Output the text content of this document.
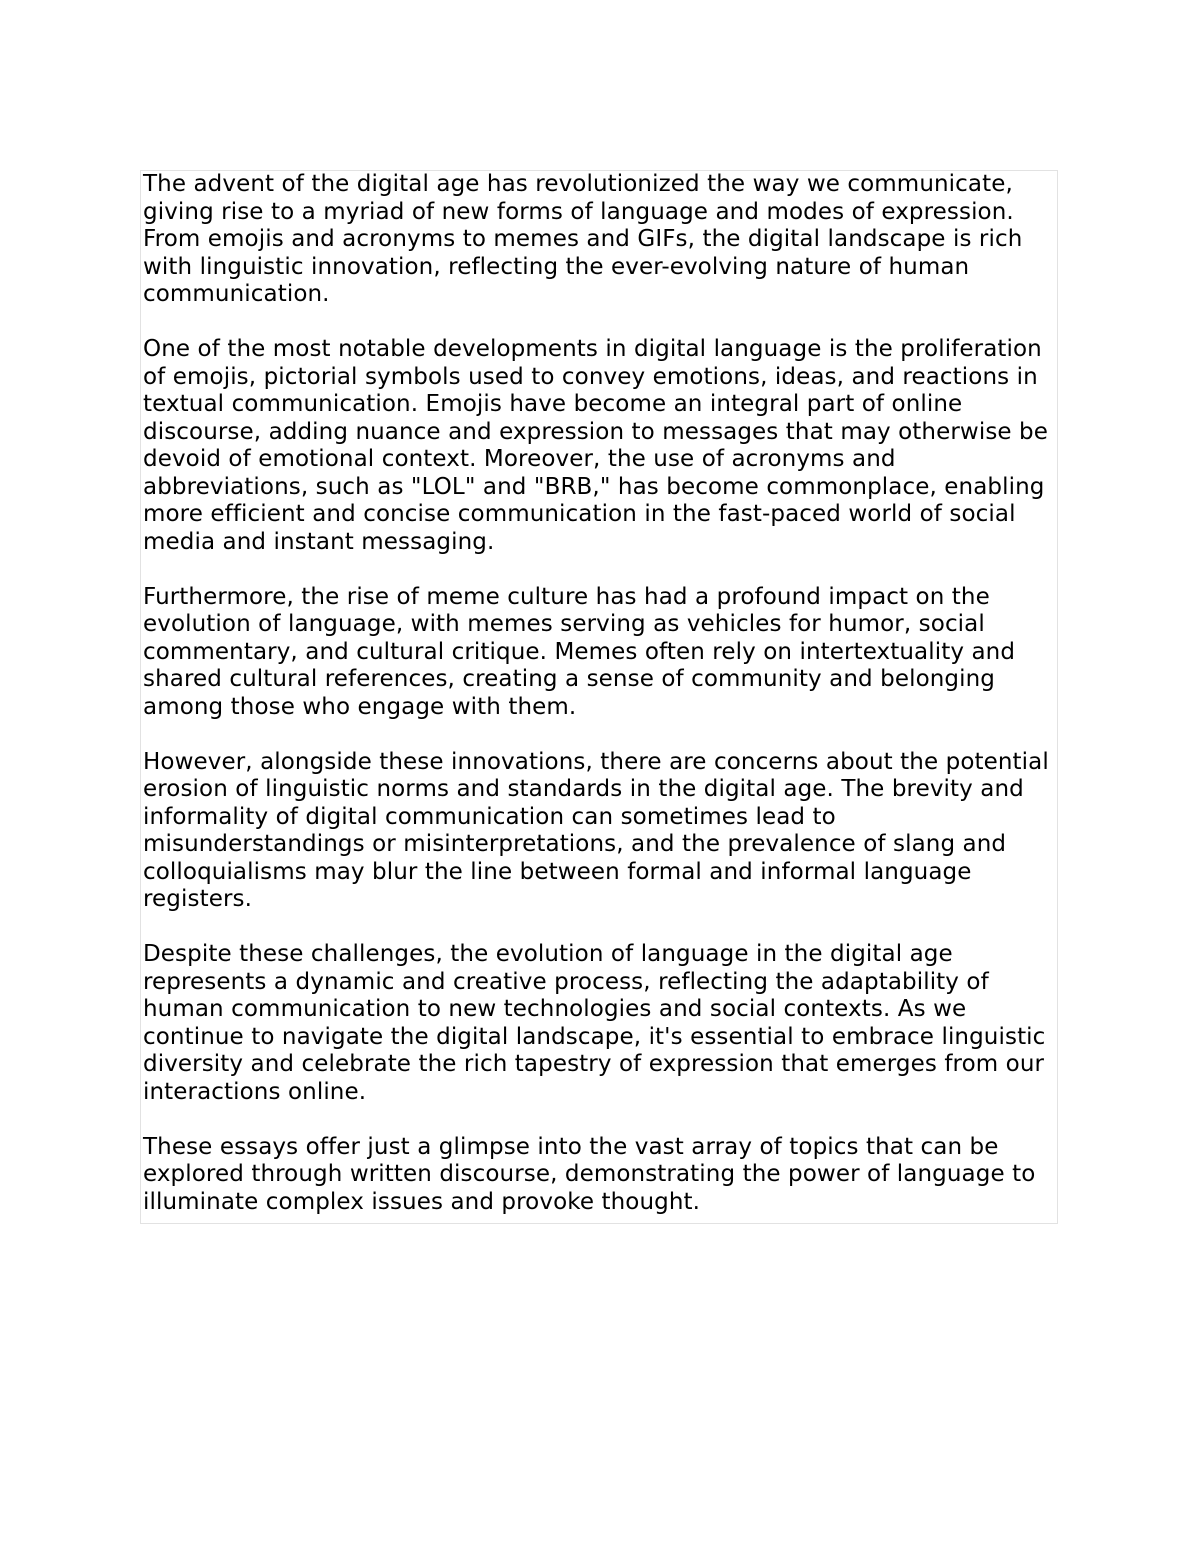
The advent of the digital age has revolutionized the way we communicate, giving rise to a myriad of new forms of language and modes of expression. From emojis and acronyms to memes and GIFs, the digital landscape is rich with linguistic innovation, reflecting the ever-evolving nature of human communication.

One of the most notable developments in digital language is the proliferation of emojis, pictorial symbols used to convey emotions, ideas, and reactions in textual communication. Emojis have become an integral part of online discourse, adding nuance and expression to messages that may otherwise be devoid of emotional context. Moreover, the use of acronyms and abbreviations, such as "LOL" and "BRB," has become commonplace, enabling more efficient and concise communication in the fast-paced world of social media and instant messaging.

Furthermore, the rise of meme culture has had a profound impact on the evolution of language, with memes serving as vehicles for humor, social commentary, and cultural critique. Memes often rely on intertextuality and shared cultural references, creating a sense of community and belonging among those who engage with them.

However, alongside these innovations, there are concerns about the potential erosion of linguistic norms and standards in the digital age. The brevity and informality of digital communication can sometimes lead to misunderstandings or misinterpretations, and the prevalence of slang and colloquialisms may blur the line between formal and informal language registers.

Despite these challenges, the evolution of language in the digital age represents a dynamic and creative process, reflecting the adaptability of human communication to new technologies and social contexts. As we continue to navigate the digital landscape, it's essential to embrace linguistic diversity and celebrate the rich tapestry of expression that emerges from our interactions online.

These essays offer just a glimpse into the vast array of topics that can be explored through written discourse, demonstrating the power of language to illuminate complex issues and provoke thought.
